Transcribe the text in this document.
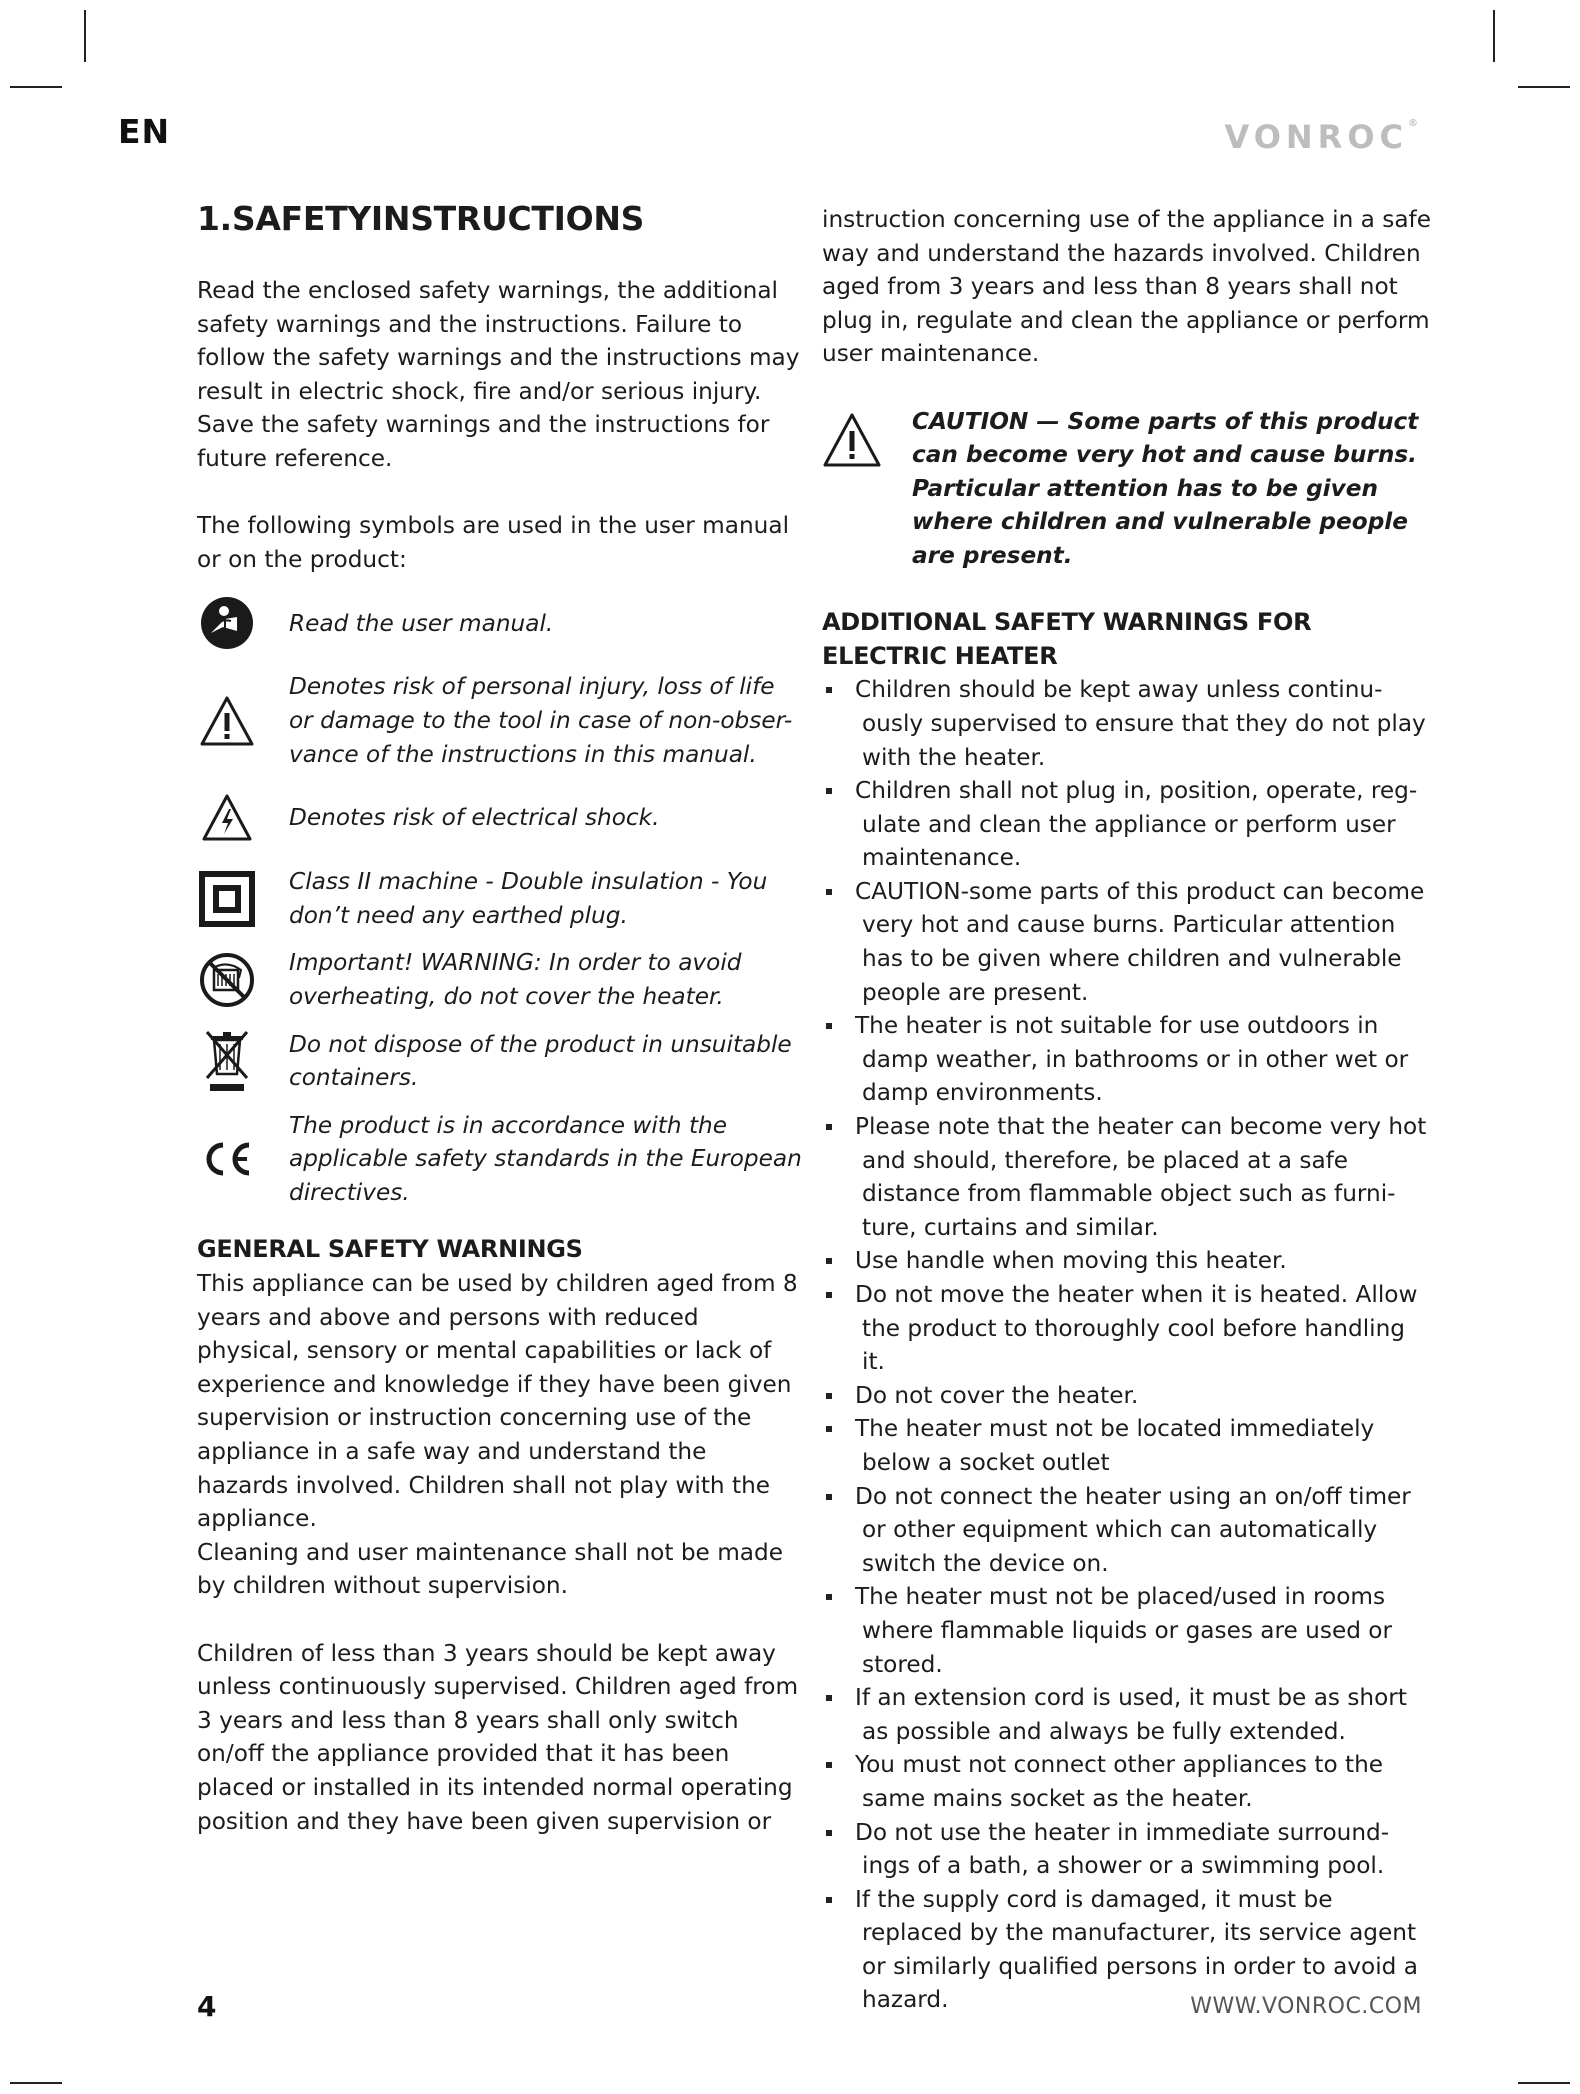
EN	VONROC®
1.SAFETYINSTRUCTIONS

Read the enclosed safety warnings, the additional safety warnings and the instructions. Failure to follow the safety warnings and the instructions may result in electric shock, fire and/or serious injury. Save the safety warnings and the instructions for future reference.

The following symbols are used in the user manual or on the product:

Read the user manual.
Denotes risk of personal injury, loss of life or damage to the tool in case of non-obser-vance of the instructions in this manual.
Denotes risk of electrical shock.
Class II machine - Double insulation - You don’t need any earthed plug.
Important! WARNING: In order to avoid overheating, do not cover the heater.
Do not dispose of the product in unsuitable containers.
The product is in accordance with the applicable safety standards in the European directives.
GENERAL SAFETY WARNINGS

This appliance can be used by children aged from 8 years and above and persons with reduced physical, sensory or mental capabilities or lack of experience and knowledge if they have been given supervision or instruction concerning use of the appliance in a safe way and understand the hazards involved. Children shall not play with the appliance.

Cleaning and user maintenance shall not be made by children without supervision.

Children of less than 3 years should be kept away unless continuously supervised. Children aged from 3 years and less than 8 years shall only switch on/off the appliance provided that it has been placed or installed in its intended normal operating position and they have been given supervision or

instruction concerning use of the appliance in a safe way and understand the hazards involved. Children aged from 3 years and less than 8 years shall not plug in, regulate and clean the appliance or perform user maintenance.

CAUTION — Some parts of this product can become very hot and cause burns. Particular attention has to be given where children and vulnerable people are present.
ADDITIONAL SAFETY WARNINGS FOR
ELECTRIC HEATER
Children should be kept away unless continu-ously supervised to ensure that they do not play with the heater.
Children shall not plug in, position, operate, reg-ulate and clean the appliance or perform user maintenance.
CAUTION-some parts of this product can become very hot and cause burns. Particular attention has to be given where children and vulnerable people are present.
The heater is not suitable for use outdoors in damp weather, in bathrooms or in other wet or damp environments.
Please note that the heater can become very hot and should, therefore, be placed at a safe distance from flammable object such as furni-ture, curtains and similar.
Use handle when moving this heater.
Do not move the heater when it is heated. Allow the product to thoroughly cool before handling it.
Do not cover the heater.
The heater must not be located immediately below a socket outlet
Do not connect the heater using an on/off timer or other equipment which can automatically switch the device on.
The heater must not be placed/used in rooms where flammable liquids or gases are used or stored.
If an extension cord is used, it must be as short as possible and always be fully extended.
You must not connect other appliances to the same mains socket as the heater.
Do not use the heater in immediate surround-ings of a bath, a shower or a swimming pool.
If the supply cord is damaged, it must be replaced by the manufacturer, its service agent or similarly qualified persons in order to avoid a hazard.
4	WWW.VONROC.COM
